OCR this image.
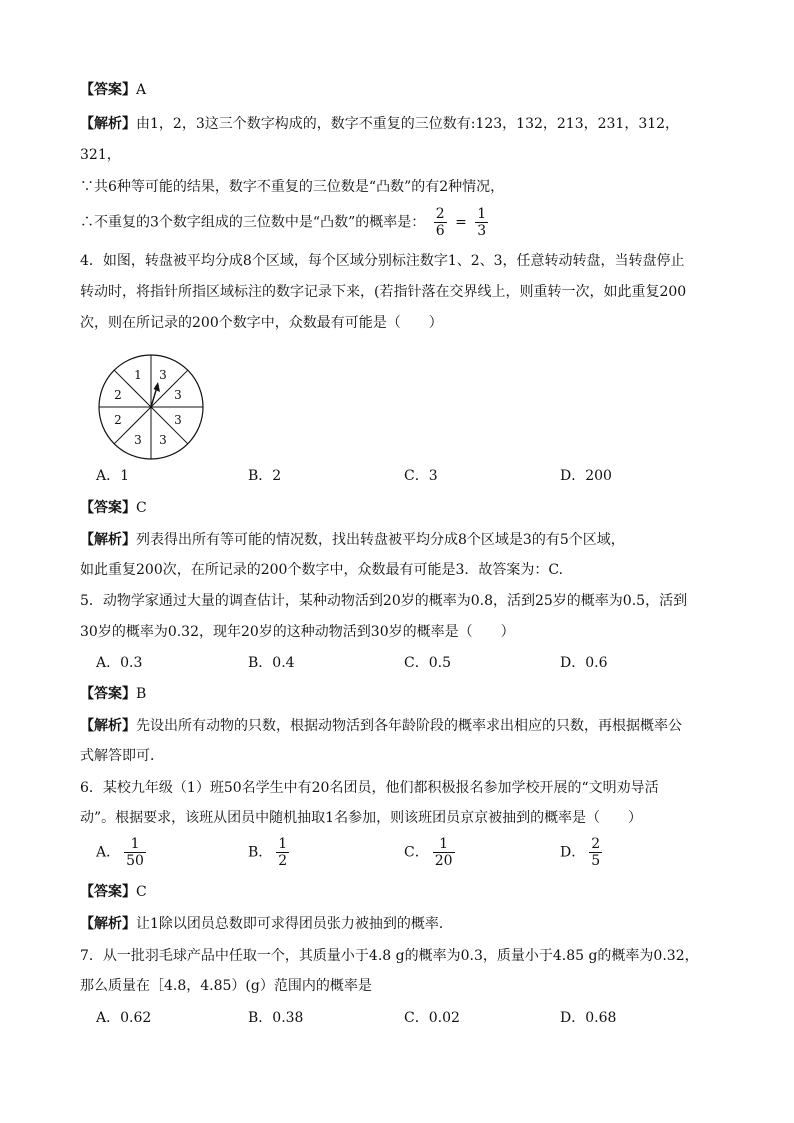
【答案】A
【解析】由1，2，3这三个数字构成的，数字不重复的三位数有:123，132，213，231，312，
321，
∵共6种等可能的结果，数字不重复的三位数是“凸数”的有2种情况，
∴不重复的3个数字组成的三位数中是“凸数”的概率是： $\frac{2}{6} = \frac{1}{3}$
4．如图，转盘被平均分成8个区域，每个区域分别标注数字1、2、3，任意转动转盘，当转盘停止
转动时，将指针所指区域标注的数字记录下来，(若指针落在交界线上，则重转一次，如此重复200
次，则在所记录的200个数字中，众数最有可能是（　　）
1 3
3
3
3
3
2
2
A．1	B．2	C．3	D．200
【答案】C
【解析】列表得出所有等可能的情况数，找出转盘被平均分成8个区域是3的有5个区域，
如此重复200次，在所记录的200个数字中，众数最有可能是3．故答案为：C.
5．动物学家通过大量的调查估计，某种动物活到20岁的概率为0.8，活到25岁的概率为0.5，活到
30岁的概率为0.32，现年20岁的这种动物活到30岁的概率是（　　）
A．0.3	B．0.4	C．0.5	D．0.6
【答案】B
【解析】先设出所有动物的只数，根据动物活到各年龄阶段的概率求出相应的只数，再根据概率公
式解答即可．
6．某校九年级（1）班50名学生中有20名团员，他们都积极报名参加学校开展的“文明劝导活
动”。根据要求，该班从团员中随机抽取1名参加，则该班团员京京被抽到的概率是（　　）
A． $\frac{1}{50}$	B． $\frac{1}{2}$	C． $\frac{1}{20}$	D． $\frac{2}{5}$
【答案】C
【解析】让1除以团员总数即可求得团员张力被抽到的概率．
7．从一批羽毛球产品中任取一个，其质量小于4.8 g的概率为0.3，质量小于4.85 g的概率为0.32，
那么质量在［4.8，4.85）(g）范围内的概率是
A．0.62	B．0.38	C．0.02	D．0.68
